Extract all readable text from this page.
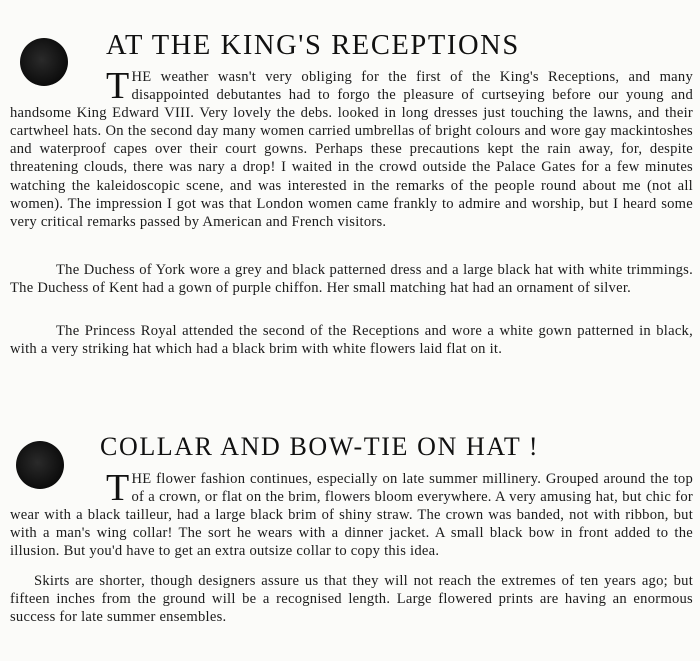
AT THE KING'S RECEPTIONS

THE weather wasn't very obliging for the first of the King's Receptions, and many disappointed debutantes had to forgo the pleasure of curtseying before our young and handsome King Edward VIII. Very lovely the debs. looked in long dresses just touching the lawns, and their cartwheel hats. On the second day many women carried umbrellas of bright colours and wore gay mackintoshes and waterproof capes over their court gowns. Perhaps these precautions kept the rain away, for, despite threatening clouds, there was nary a drop! I waited in the crowd outside the Palace Gates for a few minutes watching the kaleidoscopic scene, and was interested in the remarks of the people round about me (not all women). The impression I got was that London women came frankly to admire and worship, but I heard some very critical remarks passed by American and French visitors.

The Duchess of York wore a grey and black patterned dress and a large black hat with white trimmings. The Duchess of Kent had a gown of purple chiffon. Her small matching hat had an ornament of silver.

The Princess Royal attended the second of the Receptions and wore a white gown patterned in black, with a very striking hat which had a black brim with white flowers laid flat on it.

COLLAR AND BOW-TIE ON HAT !

THE flower fashion continues, especially on late summer millinery. Grouped around the top of a crown, or flat on the brim, flowers bloom everywhere. A very amusing hat, but chic for wear with a black tailleur, had a large black brim of shiny straw. The crown was banded, not with ribbon, but with a man's wing collar! The sort he wears with a dinner jacket. A small black bow in front added to the illusion. But you'd have to get an extra outsize collar to copy this idea.

Skirts are shorter, though designers assure us that they will not reach the extremes of ten years ago; but fifteen inches from the ground will be a recognised length. Large flowered prints are having an enormous success for late summer ensembles.
